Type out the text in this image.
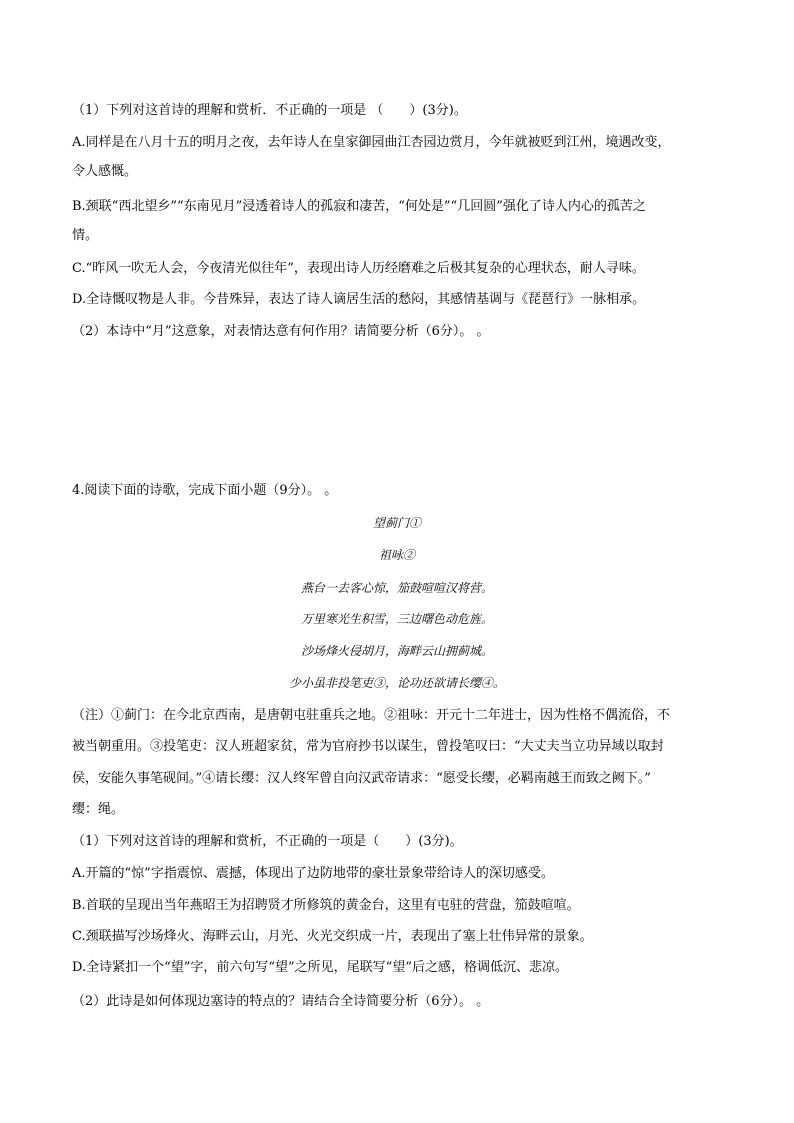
（1）下列对这首诗的理解和赏析．不正确的一项是 （　　）(3分)。
A.同样是在八月十五的明月之夜，去年诗人在皇家御园曲江杏园边赏月，今年就被贬到江州，境遇改变，
令人感慨。
B.颈联“西北望乡”“东南见月”浸透着诗人的孤寂和凄苦，“何处是”“几回圆”强化了诗人内心的孤苦之
情。
C.“昨风一吹无人会，今夜清光似往年”，表现出诗人历经磨难之后极其复杂的心理状态，耐人寻味。
D.全诗慨叹物是人非。今昔殊异，表达了诗人谪居生活的愁闷，其感情基调与《琵琶行》一脉相承。
（2）本诗中“月”这意象，对表情达意有何作用？请简要分析（6分）。 。
4.阅读下面的诗歌，完成下面小题（9分）。 。
望蓟门①
祖咏②
燕台一去客心惊，笳鼓喧喧汉将营。
万里寒光生积雪，三边曙色动危旌。
沙场烽火侵胡月，海畔云山拥蓟城。
少小虽非投笔吏③，论功还欲请长缨④。
（注）①蓟门：在今北京西南，是唐朝屯驻重兵之地。②祖咏：开元十二年进士，因为性格不偶流俗，不
被当朝重用。③投笔吏：汉人班超家贫，常为官府抄书以谋生，曾投笔叹曰：“大丈夫当立功异域以取封
侯，安能久事笔砚间。”④请长缨：汉人终军曾自向汉武帝请求：“愿受长缨，必羁南越王而致之阙下。”
缨：绳。
（1）下列对这首诗的理解和赏析，不正确的一项是（　　）(3分)。
A.开篇的“惊”字指震惊、震撼，体现出了边防地带的豪壮景象带给诗人的深切感受。
B.首联的呈现出当年燕昭王为招聘贤才所修筑的黄金台，这里有屯驻的营盘，笳鼓喧喧。
C.颈联描写沙场烽火、海畔云山，月光、火光交织成一片，表现出了塞上壮伟异常的景象。
D.全诗紧扣一个“望”字，前六句写“望”之所见，尾联写“望”后之感，格调低沉、悲凉。
（2）此诗是如何体现边塞诗的特点的？请结合全诗简要分析（6分）。 。
